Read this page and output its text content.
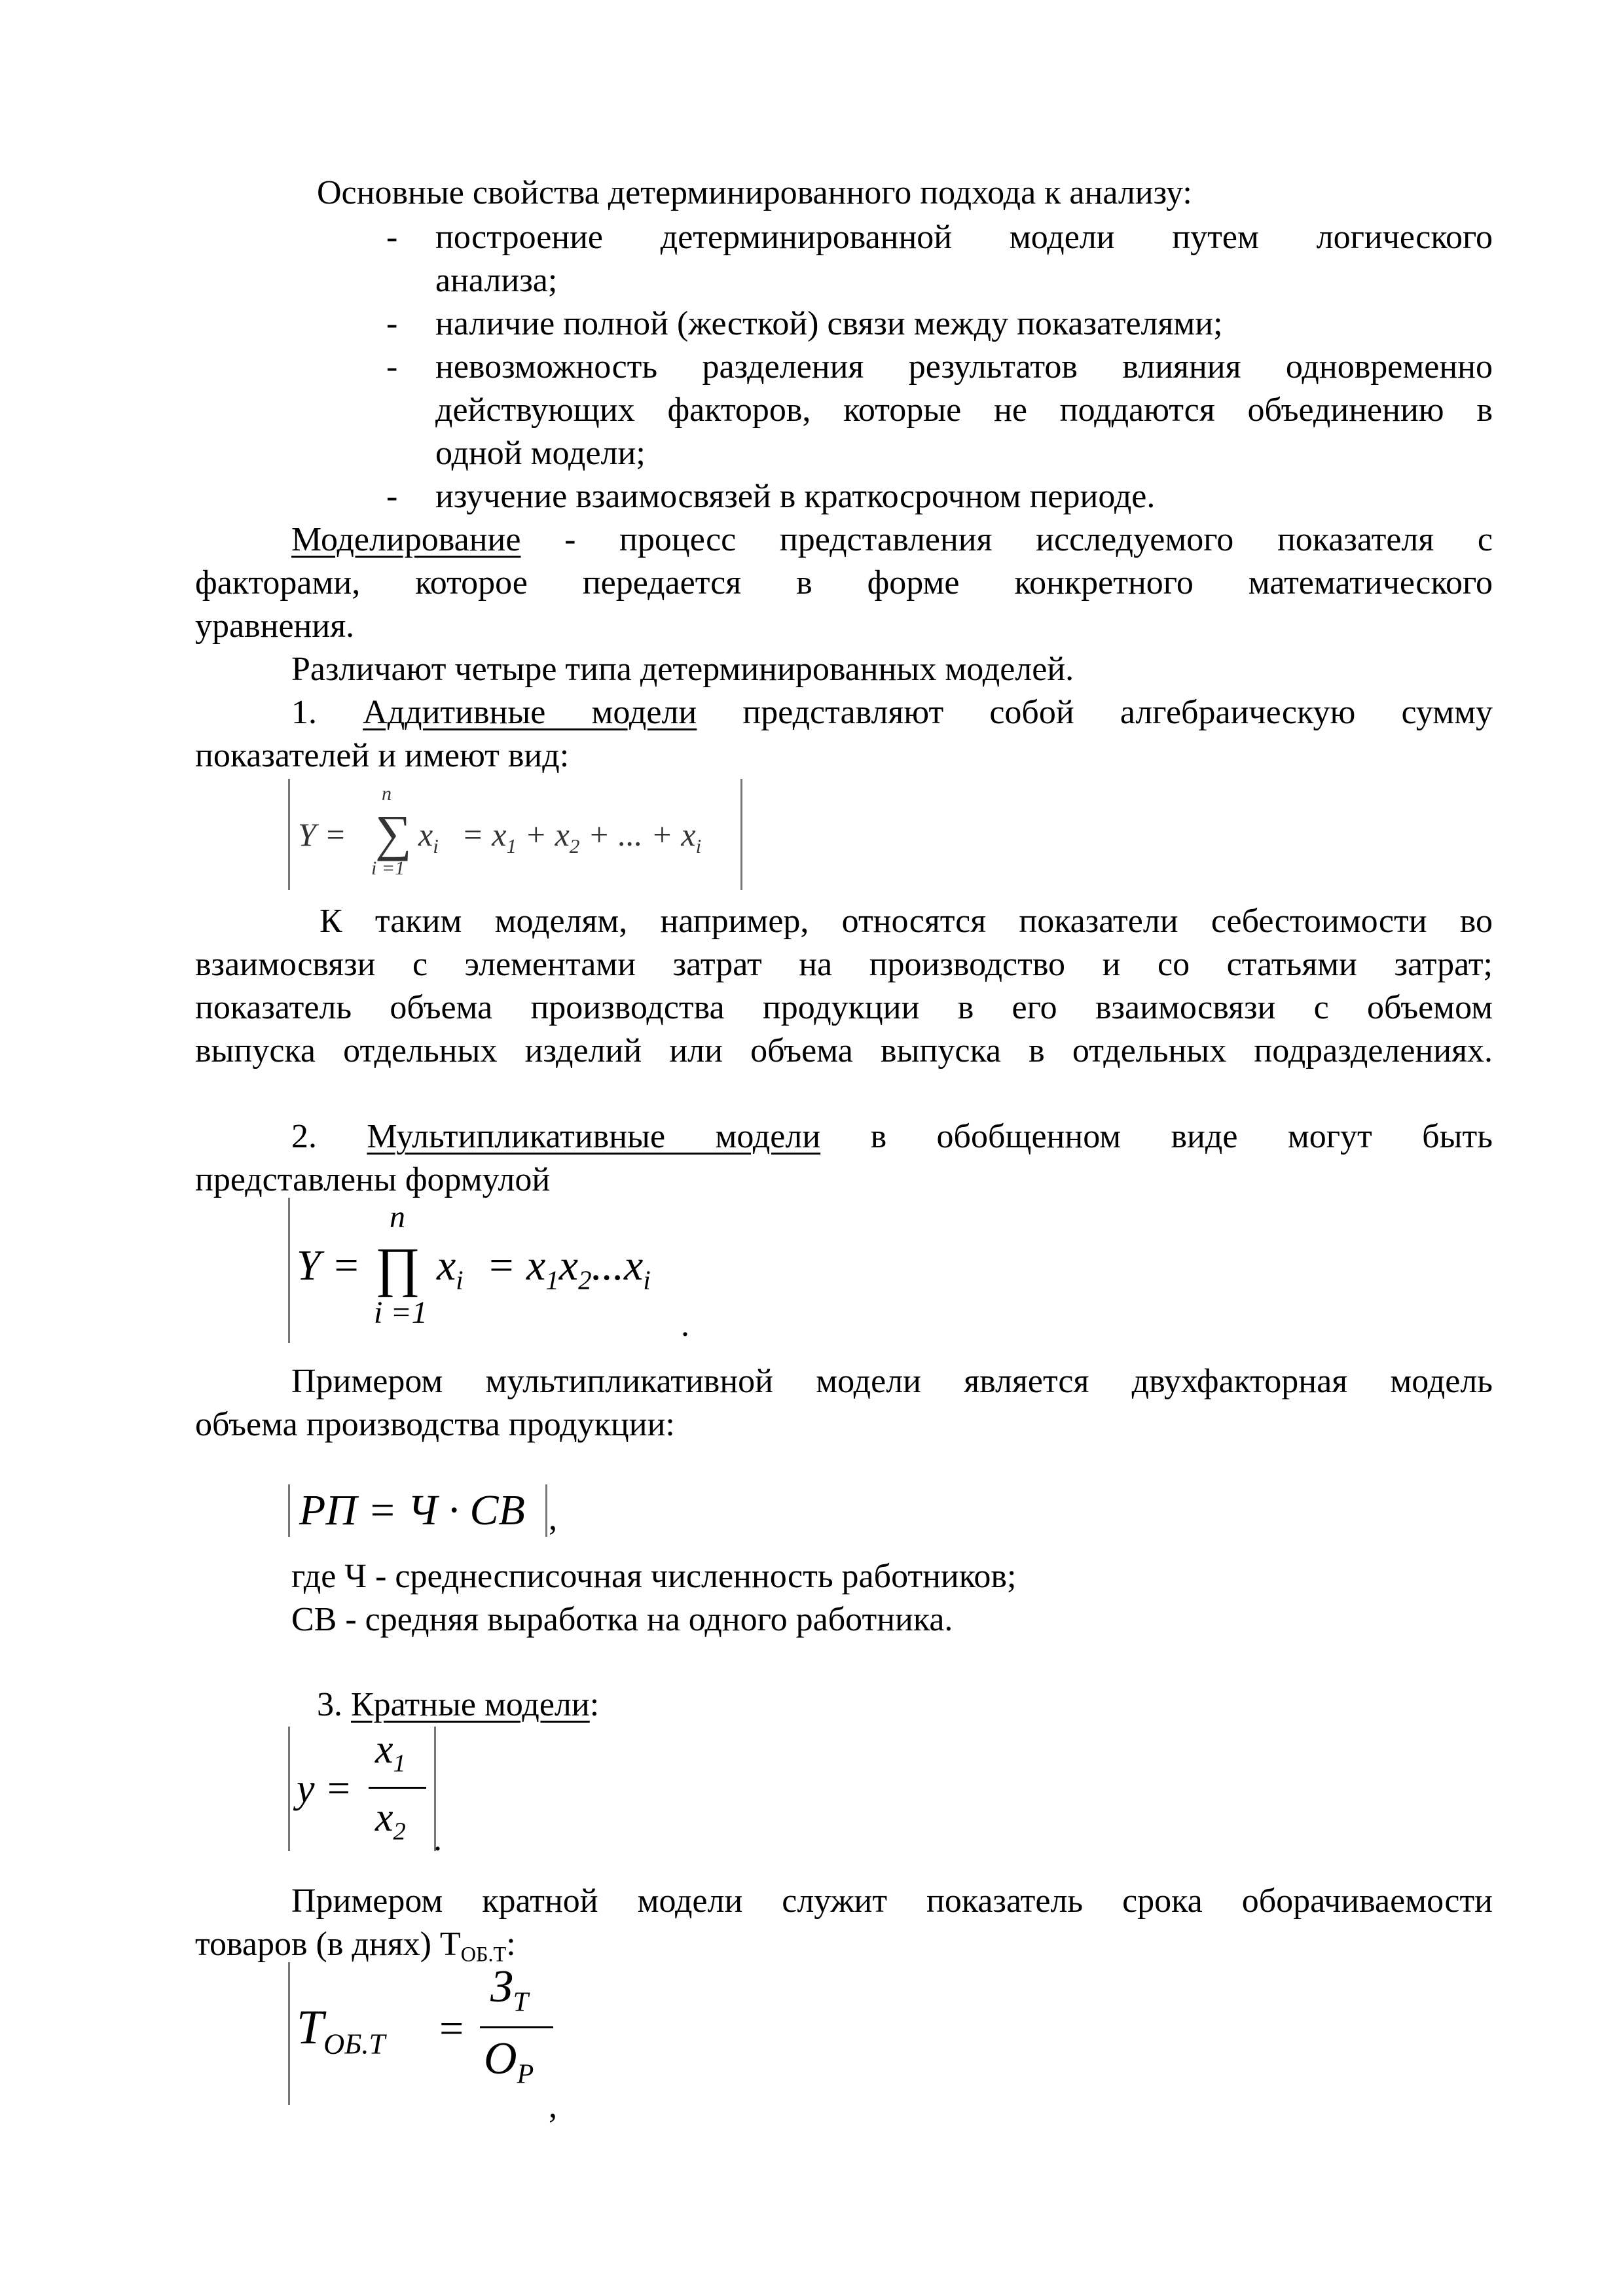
Основные свойства детерминированного подхода к анализу:
- построение детерминированной модели путем логического
анализа;
- наличие полной (жесткой) связи между показателями;
- невозможность разделения результатов влияния одновременно
действующих факторов, которые не поддаются объединению в
одной модели;
- изучение взаимосвязей в краткосрочном периоде.
Моделирование - процесс представления исследуемого показателя с
факторами, которое передается в форме конкретного математического
уравнения.
Различают четыре типа детерминированных моделей.
1. Аддитивные модели представляют собой алгебраическую сумму
показателей и имеют вид:
Y = ∑
n
i =1
$x_i = x_1 + x_2$ + ... + $x_i$
К таким моделям, например, относятся показатели себестоимости во
взаимосвязи с элементами затрат на производство и со статьями затрат;
показатель объема производства продукции в его взаимосвязи с объемом
выпуска отдельных изделий или объема выпуска в отдельных подразделениях.
2. Мультипликативные модели в обобщенном виде могут быть
представлены формулой
Y = ∏
n
i =1
$x_i = x_1x_2...x_i$
.
Примером мультипликативной модели является двухфакторная модель
объема производства продукции:
РП = Ч · СВ ,
где Ч - среднесписочная численность работников;
СВ - средняя выработка на одного работника.
3. Кратные модели:
y =
$x_1$
$x_2$ .
Примером кратной модели служит показатель срока оборачиваемости
товаров (в днях) ТОБ.Т:
$T_{ОБ.Т}$ =
$З_Т$
$О_Р$
,
